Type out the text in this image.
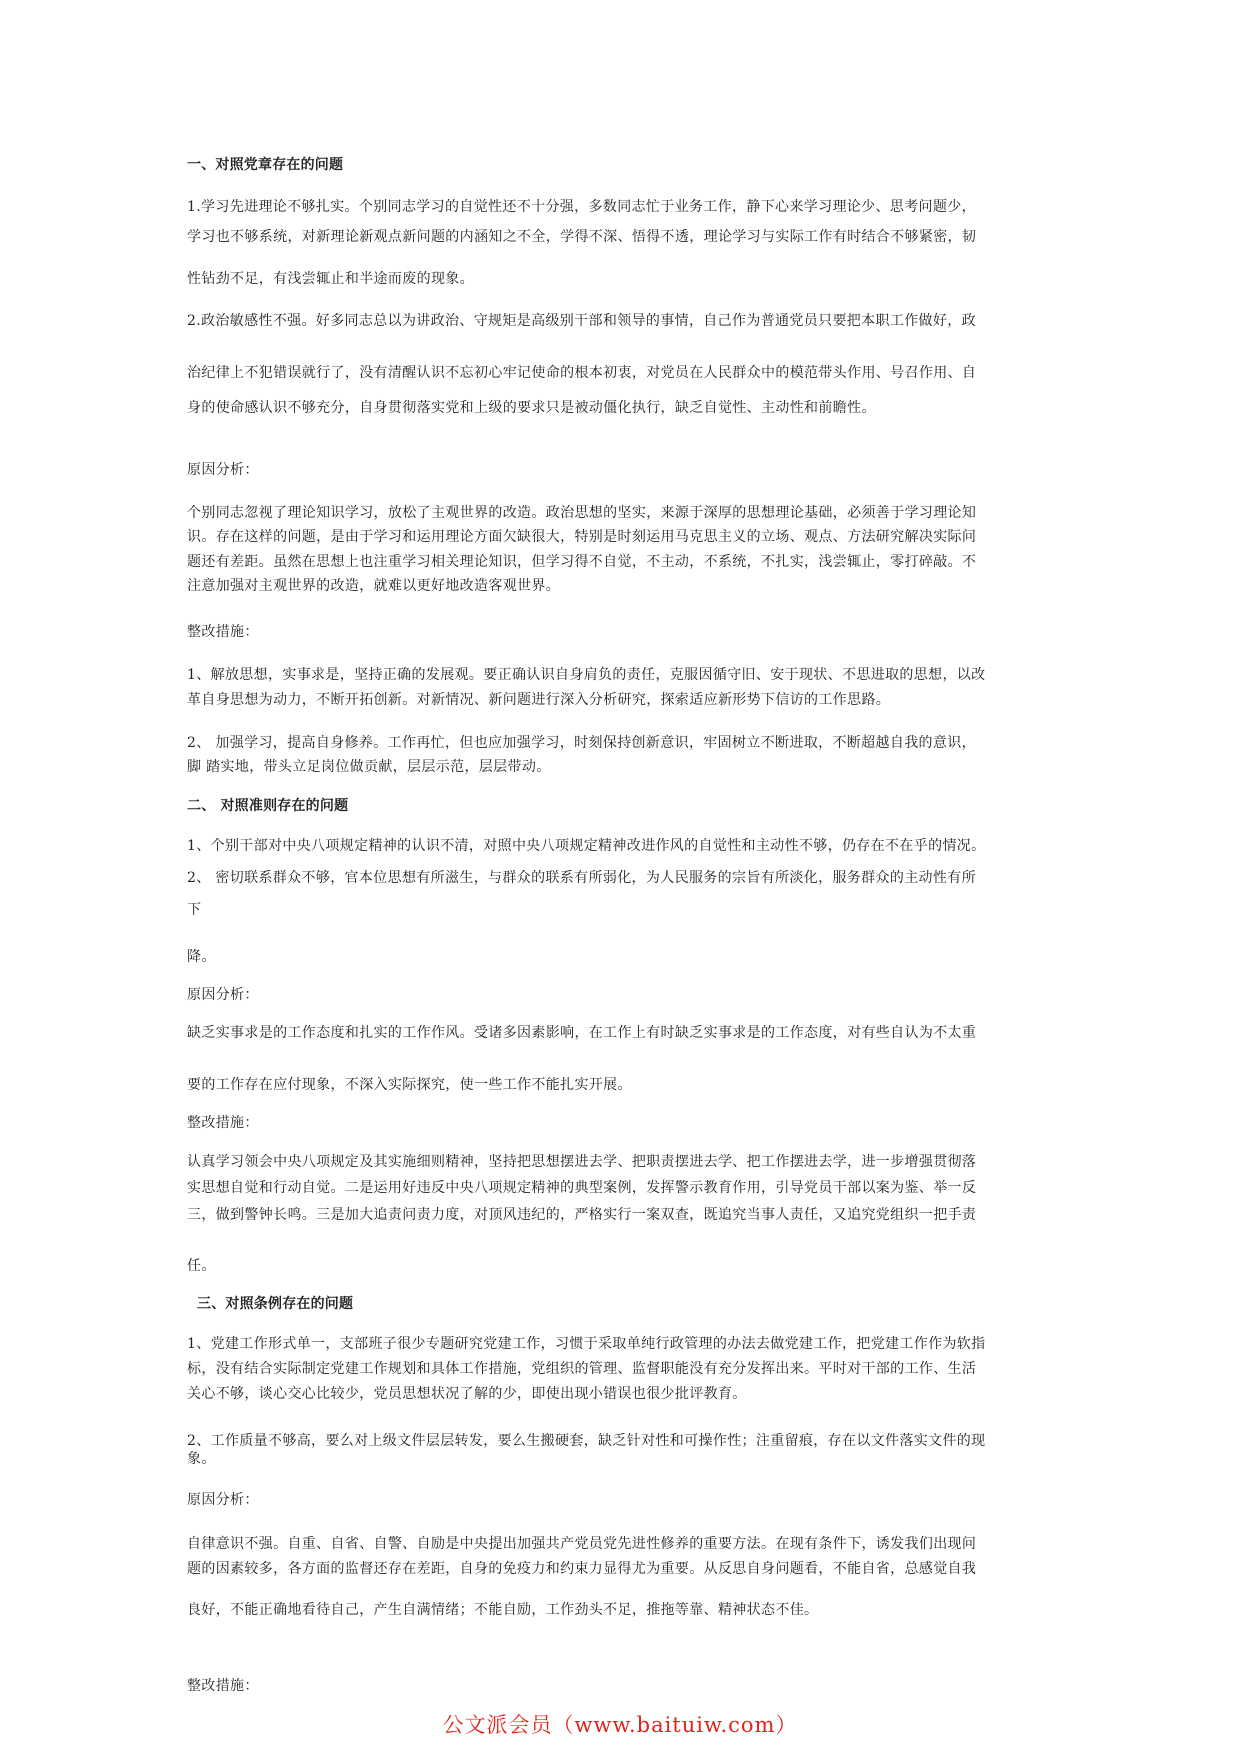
一、对照党章存在的问题
1.学习先进理论不够扎实。个别同志学习的自觉性还不十分强，多数同志忙于业务工作，静下心来学习理论少、思考问题少，
学习也不够系统，对新理论新观点新问题的内涵知之不全，学得不深、悟得不透，理论学习与实际工作有时结合不够紧密，韧
性钻劲不足，有浅尝辄止和半途而废的现象。
2.政治敏感性不强。好多同志总以为讲政治、守规矩是高级别干部和领导的事情，自己作为普通党员只要把本职工作做好，政
治纪律上不犯错误就行了，没有清醒认识不忘初心牢记使命的根本初衷，对党员在人民群众中的模范带头作用、号召作用、自
身的使命感认识不够充分，自身贯彻落实党和上级的要求只是被动僵化执行，缺乏自觉性、主动性和前瞻性。
原因分析：
个别同志忽视了理论知识学习，放松了主观世界的改造。政治思想的坚实，来源于深厚的思想理论基础，必须善于学习理论知
识。存在这样的问题，是由于学习和运用理论方面欠缺很大，特别是时刻运用马克思主义的立场、观点、方法研究解决实际问
题还有差距。虽然在思想上也注重学习相关理论知识，但学习得不自觉，不主动，不系统，不扎实，浅尝辄止，零打碎敲。不
注意加强对主观世界的改造，就难以更好地改造客观世界。
整改措施：
1、解放思想，实事求是，坚持正确的发展观。要正确认识自身肩负的责任，克服因循守旧、安于现状、不思进取的思想，以改
革自身思想为动力，不断开拓创新。对新情况、新问题进行深入分析研究，探索适应新形势下信访的工作思路。
2、 加强学习，提高自身修养。工作再忙，但也应加强学习，时刻保持创新意识，牢固树立不断进取，不断超越自我的意识，
脚 踏实地，带头立足岗位做贡献，层层示范，层层带动。
二、 对照准则存在的问题
1、个别干部对中央八项规定精神的认识不清，对照中央八项规定精神改进作风的自觉性和主动性不够，仍存在不在乎的情况。
2、 密切联系群众不够，官本位思想有所滋生，与群众的联系有所弱化，为人民服务的宗旨有所淡化，服务群众的主动性有所
下
降。
原因分析：
缺乏实事求是的工作态度和扎实的工作作风。受诸多因素影响，在工作上有时缺乏实事求是的工作态度，对有些自认为不太重
要的工作存在应付现象，不深入实际探究，使一些工作不能扎实开展。
整改措施：
认真学习领会中央八项规定及其实施细则精神，坚持把思想摆进去学、把职责摆进去学、把工作摆进去学，进一步增强贯彻落
实思想自觉和行动自觉。二是运用好违反中央八项规定精神的典型案例，发挥警示教育作用，引导党员干部以案为鉴、举一反
三，做到警钟长鸣。三是加大追责问责力度，对顶风违纪的，严格实行一案双查，既追究当事人责任，又追究党组织一把手责
任。
三、对照条例存在的问题
1、党建工作形式单一，支部班子很少专题研究党建工作，习惯于采取单纯行政管理的办法去做党建工作，把党建工作作为软指
标，没有结合实际制定党建工作规划和具体工作措施，党组织的管理、监督职能没有充分发挥出来。平时对干部的工作、生活
关心不够，谈心交心比较少，党员思想状况了解的少，即使出现小错误也很少批评教育。
2、工作质量不够高，要么对上级文件层层转发，要么生搬硬套，缺乏针对性和可操作性；注重留痕，存在以文件落实文件的现
象。
原因分析：
自律意识不强。自重、自省、自警、自励是中央提出加强共产党员党先进性修养的重要方法。在现有条件下，诱发我们出现问
题的因素较多，各方面的监督还存在差距，自身的免疫力和约束力显得尤为重要。从反思自身问题看，不能自省，总感觉自我
良好，不能正确地看待自己，产生自满情绪；不能自励，工作劲头不足，推拖等靠、精神状态不佳。
整改措施：
公文派会员（www.baituiw.com）
